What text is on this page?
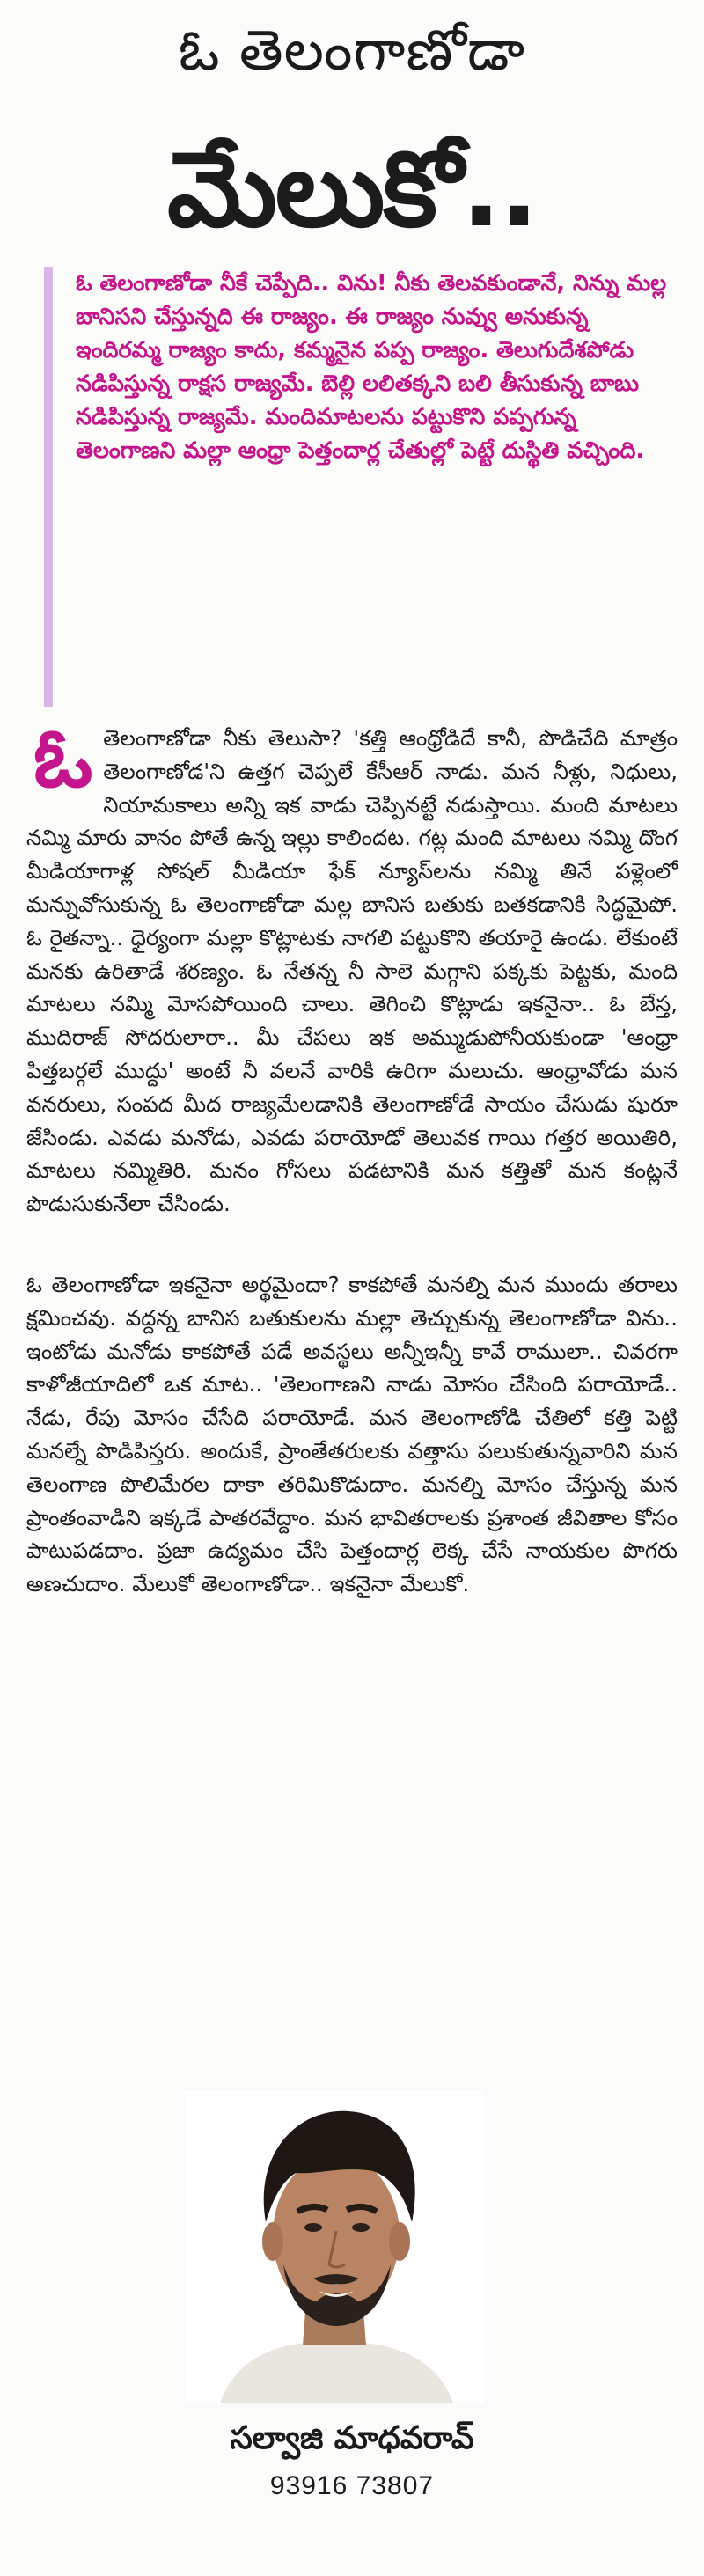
ఓ తెలంగాణోడా
మేలుకో..

ఓ తెలంగాణోడా నీకే చెప్పేది.. విను! నీకు తెలవకుండానే, నిన్ను మల్ల బానిసని చేస్తున్నది ఈ రాజ్యం. ఈ రాజ్యం నువ్వు అనుకున్న ఇందిరమ్మ రాజ్యం కాదు, కమ్మనైన పప్ప రాజ్యం. తెలుగుదేశపోడు నడిపిస్తున్న రాక్షస రాజ్యమే. బెల్లి లలితక్కని బలి తీసుకున్న బాబు నడిపిస్తున్న రాజ్యమే. మందిమాటలను పట్టుకొని పప్పగున్న తెలంగాణని మల్లా ఆంధ్రా పెత్తందార్ల చేతుల్లో పెట్టే దుస్థితి వచ్చింది.

ఓ తెలంగాణోడా నీకు తెలుసా? 'కత్తి ఆంధ్రోడిదే కానీ, పొడిచేది మాత్రం తెలంగాణోడ'ని ఉత్తగ చెప్పలే కేసీఆర్ నాడు. మన నీళ్లు, నిధులు, నియామకాలు అన్ని ఇక వాడు చెప్పినట్టే నడుస్తాయి. మంది మాటలు నమ్మి మారు వానం పోతే ఉన్న ఇల్లు కాలిందట. గట్ల మంది మాటలు నమ్మి దొంగ మీడియాగాళ్ల సోషల్ మీడియా ఫేక్ న్యూస్‌లను నమ్మి తినే పళ్లెంలో మన్నువోసుకున్న ఓ తెలంగాణోడా మల్ల బానిస బతుకు బతకడానికి సిద్ధమైపో. ఓ రైతన్నా.. ధైర్యంగా మల్లా కొట్లాటకు నాగలి పట్టుకొని తయారై ఉండు. లేకుంటే మనకు ఉరితాడే శరణ్యం. ఓ నేతన్న నీ సాలె మగ్గాని పక్కకు పెట్టకు, మంది మాటలు నమ్మి మోసపోయింది చాలు. తెగించి కొట్లాడు ఇకనైనా.. ఓ బేస్త, ముదిరాజ్ సోదరులారా.. మీ చేపలు ఇక అమ్ముడుపోనీయకుండా 'ఆంధ్రా పిత్తబర్గలే ముద్దు' అంటే నీ వలనే వారికి ఉరిగా మలుచు. ఆంధ్రావోడు మన వనరులు, సంపద మీద రాజ్యమేలడానికి తెలంగాణోడే సాయం చేసుడు షురూ జేసిండు. ఎవడు మనోడు, ఎవడు పరాయోడో తెలువక గాయి గత్తర అయితిరి, మాటలు నమ్మితిరి. మనం గోసలు పడటానికి మన కత్తితో మన కంట్లనే పొడుసుకునేలా చేసిండు.

ఓ తెలంగాణోడా ఇకనైనా అర్థమైందా? కాకపోతే మనల్ని మన ముందు తరాలు క్షమించవు. వద్దన్న బానిస బతుకులను మల్లా తెచ్చుకున్న తెలంగాణోడా విను.. ఇంటోడు మనోడు కాకపోతే పడే అవస్థలు అన్నీఇన్నీ కావే రాములా.. చివరగా కాళోజీయాదిలో ఒక మాట.. 'తెలంగాణని నాడు మోసం చేసింది పరాయోడే.. నేడు, రేపు మోసం చేసేది పరాయోడే. మన తెలంగాణోడి చేతిలో కత్తి పెట్టి మనల్నే పొడిపిస్తరు. అందుకే, ప్రాంతేతరులకు వత్తాసు పలుకుతున్నవారిని మన తెలంగాణ పొలిమేరల దాకా తరిమికొడుదాం. మనల్ని మోసం చేస్తున్న మన ప్రాంతంవాడిని ఇక్కడే పాతరవేద్దాం. మన భావితరాలకు ప్రశాంత జీవితాల కోసం పాటుపడదాం. ప్రజా ఉద్యమం చేసి పెత్తందార్ల లెక్క చేసే నాయకుల పొగరు అణచుదాం. మేలుకో తెలంగాణోడా.. ఇకనైనా మేలుకో.

సల్వాజి మాధవరావ్
93916 73807
